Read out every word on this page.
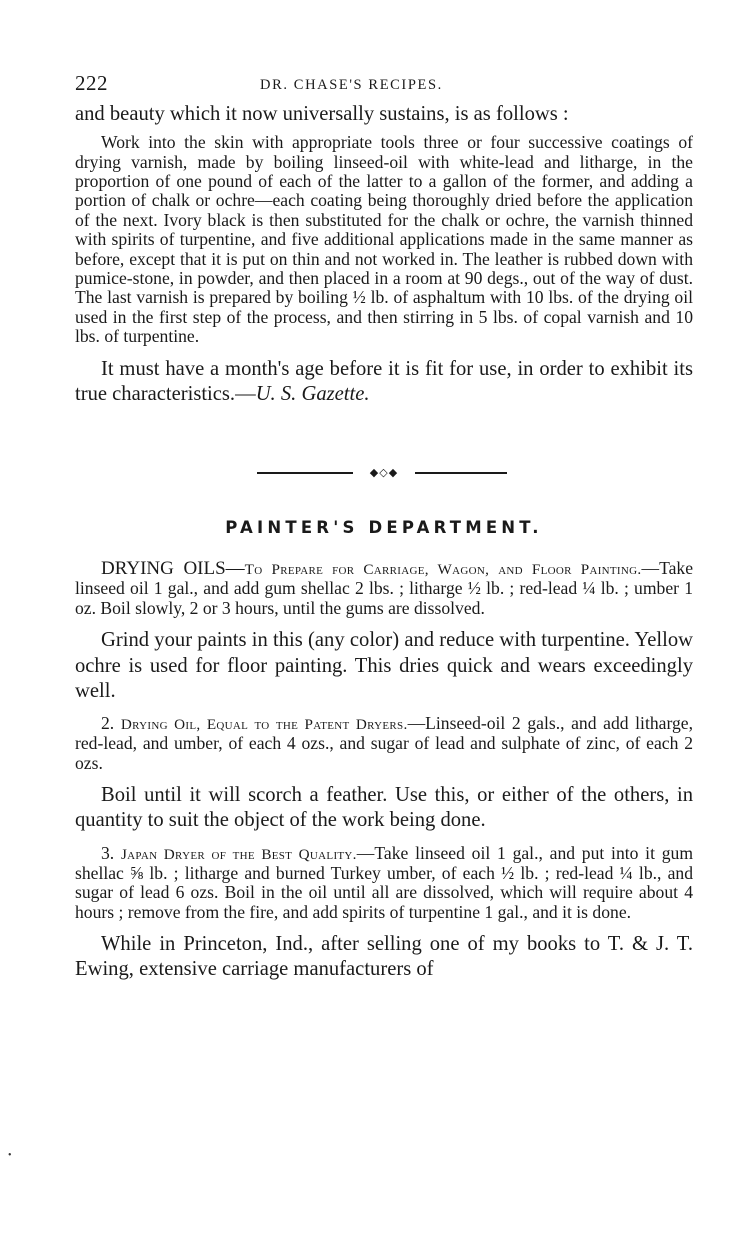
222	DR. CHASE'S RECIPES.

and beauty which it now universally sustains, is as follows :

Work into the skin with appropriate tools three or four successive coatings of drying varnish, made by boiling linseed-oil with white-lead and litharge, in the proportion of one pound of each of the latter to a gallon of the former, and adding a portion of chalk or ochre—each coating being thoroughly dried before the application of the next. Ivory black is then substituted for the chalk or ochre, the varnish thinned with spirits of turpentine, and five additional applications made in the same manner as before, except that it is put on thin and not worked in. The leather is rubbed down with pumice-stone, in powder, and then placed in a room at 90 degs., out of the way of dust. The last varnish is prepared by boiling ½ lb. of asphaltum with 10 lbs. of the drying oil used in the first step of the process, and then stirring in 5 lbs. of copal varnish and 10 lbs. of turpentine.

It must have a month's age before it is fit for use, in order to exhibit its true characteristics.—U. S. Gazette.

◆◇◆
PAINTER'S DEPARTMENT.

DRYING OILS—To Prepare for Carriage, Wagon, and Floor Painting.—Take linseed oil 1 gal., and add gum shellac 2 lbs. ; litharge ½ lb. ; red-lead ¼ lb. ; umber 1 oz. Boil slowly, 2 or 3 hours, until the gums are dissolved.

Grind your paints in this (any color) and reduce with turpentine. Yellow ochre is used for floor painting. This dries quick and wears exceedingly well.

2. Drying Oil, Equal to the Patent Dryers.—Linseed-oil 2 gals., and add litharge, red-lead, and umber, of each 4 ozs., and sugar of lead and sulphate of zinc, of each 2 ozs.

Boil until it will scorch a feather. Use this, or either of the others, in quantity to suit the object of the work being done.

3. Japan Dryer of the Best Quality.—Take linseed oil 1 gal., and put into it gum shellac ⅝ lb. ; litharge and burned Turkey umber, of each ½ lb. ; red-lead ¼ lb., and sugar of lead 6 ozs. Boil in the oil until all are dissolved, which will require about 4 hours ; remove from the fire, and add spirits of turpentine 1 gal., and it is done.

While in Princeton, Ind., after selling one of my books to T. & J. T. Ewing, extensive carriage manufacturers of

•
